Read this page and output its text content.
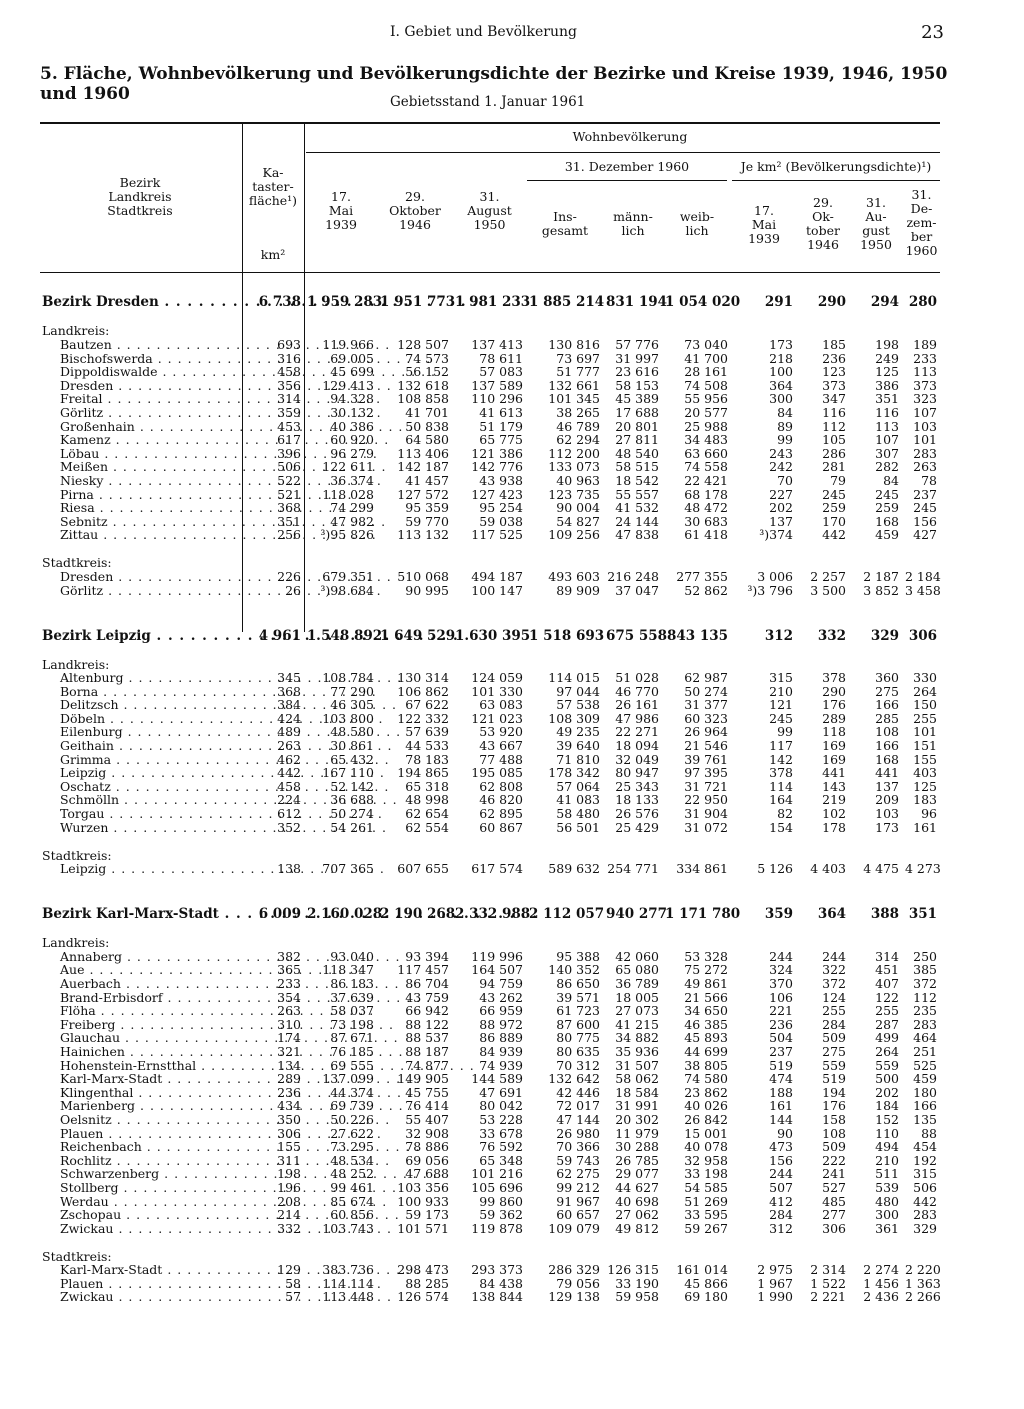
I. Gebiet und Bevölkerung	23
5. Fläche, Wohnbevölkerung und Bevölkerungsdichte der Bezirke und Kreise 1939, 1946, 1950 und 1960	Gebietsstand 1. Januar 1961
Bezirk
Landkreis
Stadtkreis
Ka-
taster-
fläche¹)
km²
Wohnbevölkerung
31. Dezember 1960	Je km² (Bevölkerungsdichte)¹)
17.
Mai
1939
29.
Oktober
1946
31.
August
1950
Ins-
gesamt
männ-
lich
weib-
lich
17.
Mai
1939
29.
Ok-
tober
1946
31.
Au-
gust
1950
31.
De-
zem-
ber
1960
Bezirk Dresden . . .	6 738	1 959 283	1 951 773	1 981 233	1 885 214	831 194	1 054 020	291	290	294	280

Landkreis:											
Bautzen . . .	693	119 966	128 507	137 413	130 816	57 776	73 040	173	185	198	189
Bischofswerda . . .	316	69 005	74 573	78 611	73 697	31 997	41 700	218	236	249	233
Dippoldiswalde . . .	458	45 699	56 152	57 083	51 777	23 616	28 161	100	123	125	113
Dresden . . .	356	129 413	132 618	137 589	132 661	58 153	74 508	364	373	386	373
Freital . . .	314	94 328	108 858	110 296	101 345	45 389	55 956	300	347	351	323
Görlitz . . .	359	30 132	41 701	41 613	38 265	17 688	20 577	84	116	116	107
Großenhain . . .	453	40 386	50 838	51 179	46 789	20 801	25 988	89	112	113	103
Kamenz . . .	617	60 920	64 580	65 775	62 294	27 811	34 483	99	105	107	101
Löbau . . .	396	96 279	113 406	121 386	112 200	48 540	63 660	243	286	307	283
Meißen . . .	506	122 611	142 187	142 776	133 073	58 515	74 558	242	281	282	263
Niesky . . .	522	36 374	41 457	43 938	40 963	18 542	22 421	70	79	84	78
Pirna . . .	521	118 028	127 572	127 423	123 735	55 557	68 178	227	245	245	237
Riesa . . .	368	74 299	95 359	95 254	90 004	41 532	48 472	202	259	259	245
Sebnitz . . .	351	47 982	59 770	59 038	54 827	24 144	30 683	137	170	168	156
Zittau . . .	256	³)95 826	113 132	117 525	109 256	47 838	61 418	³)374	442	459	427

Stadtkreis:											
Dresden . . .	226	679 351	510 068	494 187	493 603	216 248	277 355	3 006	2 257	2 187	2 184
Görlitz . . .	26	³)98 684	90 995	100 147	89 909	37 047	52 862	³)3 796	3 500	3 852	3 458

Bezirk Leipzig . . .	4 961	1 548 892	1 649 529	1 630 395	1 518 693	675 558	843 135	312	332	329	306

Landkreis:											
Altenburg . . .	345	108 784	130 314	124 059	114 015	51 028	62 987	315	378	360	330
Borna . . .	368	77 290	106 862	101 330	97 044	46 770	50 274	210	290	275	264
Delitzsch . . .	384	46 305	67 622	63 083	57 538	26 161	31 377	121	176	166	150
Döbeln . . .	424	103 800	122 332	121 023	108 309	47 986	60 323	245	289	285	255
Eilenburg . . .	489	48 580	57 639	53 920	49 235	22 271	26 964	99	118	108	101
Geithain . . .	263	30 861	44 533	43 667	39 640	18 094	21 546	117	169	166	151
Grimma . . .	462	65 432	78 183	77 488	71 810	32 049	39 761	142	169	168	155
Leipzig . . .	442	167 110	194 865	195 085	178 342	80 947	97 395	378	441	441	403
Oschatz . . .	458	52 142	65 318	62 808	57 064	25 343	31 721	114	143	137	125
Schmölln . . .	224	36 688	48 998	46 820	41 083	18 133	22 950	164	219	209	183
Torgau . . .	612	50 274	62 654	62 895	58 480	26 576	31 904	82	102	103	96
Wurzen . . .	352	54 261	62 554	60 867	56 501	25 429	31 072	154	178	173	161

Stadtkreis:											
Leipzig . . .	138	707 365	607 655	617 574	589 632	254 771	334 861	5 126	4 403	4 475	4 273

Bezirk Karl-Marx-Stadt . . .	6 009	2 160 028	2 190 268	2 332 988	2 112 057	940 277	1 171 780	359	364	388	351

Landkreis:											
Annaberg . . .	382	93 040	93 394	119 996	95 388	42 060	53 328	244	244	314	250
Aue . . .	365	118 347	117 457	164 507	140 352	65 080	75 272	324	322	451	385
Auerbach . . .	233	86 183	86 704	94 759	86 650	36 789	49 861	370	372	407	372
Brand-Erbisdorf . . .	354	37 639	43 759	43 262	39 571	18 005	21 566	106	124	122	112
Flöha . . .	263	58 037	66 942	66 959	61 723	27 073	34 650	221	255	255	235
Freiberg . . .	310	73 198	88 122	88 972	87 600	41 215	46 385	236	284	287	283
Glauchau . . .	174	87 671	88 537	86 889	80 775	34 882	45 893	504	509	499	464
Hainichen . . .	321	76 185	88 187	84 939	80 635	35 936	44 699	237	275	264	251
Hohenstein-Ernstthal . . .	134	69 555	74 877	74 939	70 312	31 507	38 805	519	559	559	525
Karl-Marx-Stadt . . .	289	137 099	149 905	144 589	132 642	58 062	74 580	474	519	500	459
Klingenthal . . .	236	44 374	45 755	47 691	42 446	18 584	23 862	188	194	202	180
Marienberg . . .	434	69 739	76 414	80 042	72 017	31 991	40 026	161	176	184	166
Oelsnitz . . .	350	50 226	55 407	53 228	47 144	20 302	26 842	144	158	152	135
Plauen . . .	306	27 622	32 908	33 678	26 980	11 979	15 001	90	108	110	88
Reichenbach . . .	155	73 295	78 886	76 592	70 366	30 288	40 078	473	509	494	454
Rochlitz . . .	311	48 534	69 056	65 348	59 743	26 785	32 958	156	222	210	192
Schwarzenberg . . .	198	48 252	47 688	101 216	62 275	29 077	33 198	244	241	511	315
Stollberg . . .	196	99 461	103 356	105 696	99 212	44 627	54 585	507	527	539	506
Werdau . . .	208	85 674	100 933	99 860	91 967	40 698	51 269	412	485	480	442
Zschopau . . .	214	60 856	59 173	59 362	60 657	27 062	33 595	284	277	300	283
Zwickau . . .	332	103 743	101 571	119 878	109 079	49 812	59 267	312	306	361	329

Stadtkreis:											
Karl-Marx-Stadt . . .	129	383 736	298 473	293 373	286 329	126 315	161 014	2 975	2 314	2 274	2 220
Plauen . . .	58	114 114	88 285	84 438	79 056	33 190	45 866	1 967	1 522	1 456	1 363
Zwickau . . .	57	113 448	126 574	138 844	129 138	59 958	69 180	1 990	2 221	2 436	2 266
